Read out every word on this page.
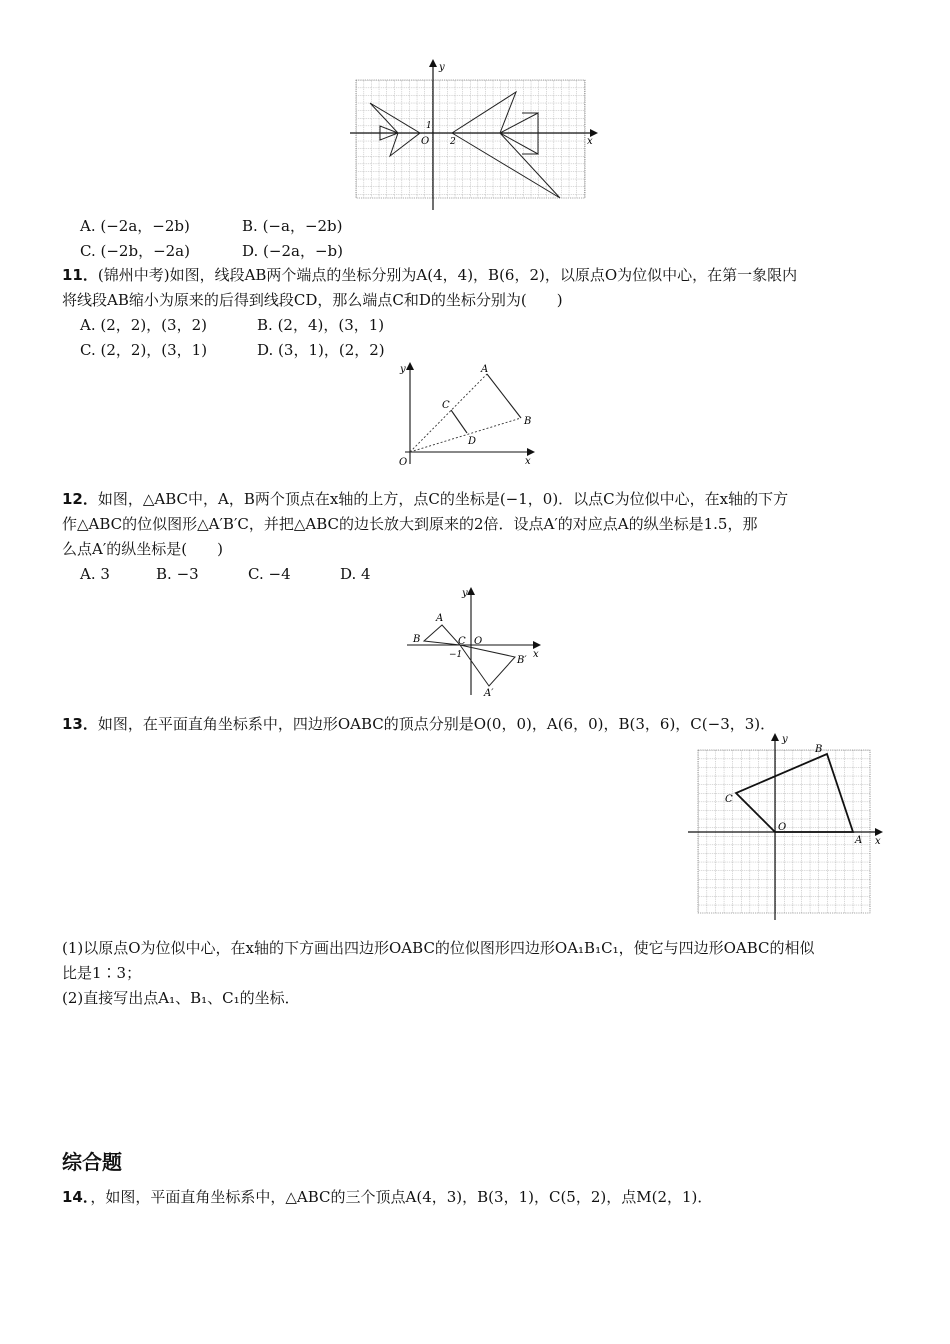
y
x
O
1
2
A. (−2a，−2b)	B. (−a，−2b)
C. (−2b，−2a)	D. (−2a，−b)
11．(锦州中考)如图，线段AB两个端点的坐标分别为A(4，4)，B(6，2)，以原点O为位似中心，在第一象限内
将线段AB缩小为原来的后得到线段CD，那么端点C和D的坐标分别为(　　)
A. (2，2)，(3，2)	B. (2，4)，(3，1)
C. (2，2)，(3，1)	D. (3，1)，(2，2)
y
x
O
A
B
C
D
12．如图，△ABC中，A，B两个顶点在x轴的上方，点C的坐标是(−1，0)．以点C为位似中心，在x轴的下方
作△ABC的位似图形△A′B′C，并把△ABC的边长放大到原来的2倍．设点A′的对应点A的纵坐标是1.5，那
么点A′的纵坐标是(　　)
A. 3	B. −3	C. −4	D. 4
y
x
O
A
B	C
−1	B′
A′
13．如图，在平面直角坐标系中，四边形OABC的顶点分别是O(0，0)，A(6，0)，B(3，6)，C(−3，3)．
y
x
O
A
B
C
(1)以原点O为位似中心，在x轴的下方画出四边形OABC的位似图形四边形OA₁B₁C₁，使它与四边形OABC的相似
比是1∶3；
(2)直接写出点A₁、B₁、C₁的坐标．
综合题
14．，如图，平面直角坐标系中，△ABC的三个顶点A(4，3)，B(3，1)，C(5，2)，点M(2，1)．
